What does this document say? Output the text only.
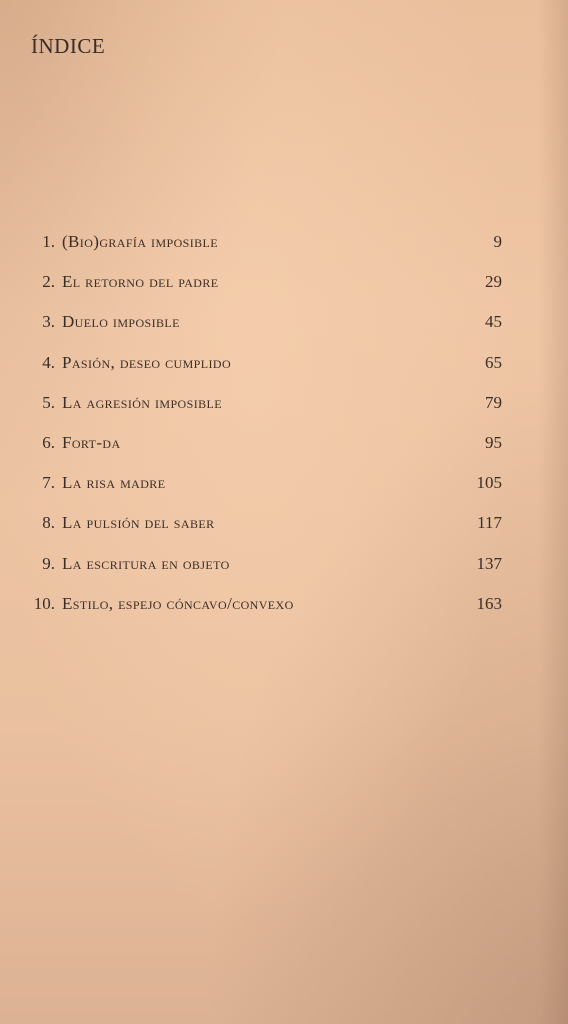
ÍNDICE
1. (Bio)grafía imposible	9
2. El retorno del padre	29
3. Duelo imposible	45
4. Pasión, deseo cumplido	65
5. La agresión imposible	79
6. Fort-da	95
7. La risa madre	105
8. La pulsión del saber	117
9. La escritura en objeto	137
10. Estilo, espejo cóncavo/convexo	163
